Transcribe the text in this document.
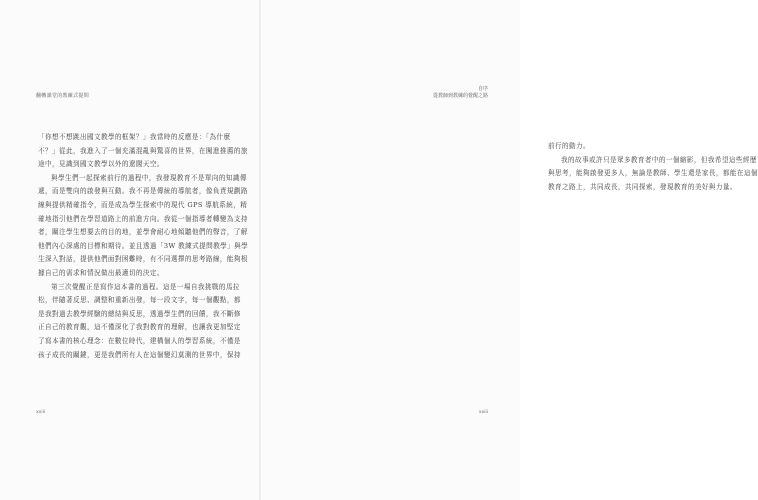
翻轉課堂的教練式提問
「你想不想跳出國文教學的框架？」我當時的反應是：「為什麼
不？」從此，我進入了一個充滿混亂與驚喜的世界，在闖進推薦的旅
途中，見識到國文教學以外的遼闊天空。
與學生們一起探索前行的過程中，我發現教育不是單向的知識傳
遞，而是雙向的啟發與互動。我不再是傳統的導航者，像負責規劃路
線與提供精確指令，而是成為學生探索中的現代 GPS 導航系統，精
確地指引他們在學習道路上的前進方向。我從一個指導者轉變為支持
者，關注學生想要去的目的地，並學會耐心地傾聽他們的聲音，了解
他們內心深處的目標和期待。並且透過「3W 教練式提問教學」與學
生深入對話，提供他們面對困難時，有不同選擇的思考路線，能夠根
據自己的需求和情況做出最適切的決定。
第三次覺醒正是寫作這本書的過程。這是一場自我挑戰的馬拉
松，伴隨著反思、調整和重新出發，每一段文字，每一個觀點，都
是我對過去教學經驗的總結與反思，透過學生們的回饋，我不斷修
正自己的教育觀，這不僅深化了我對教育的理解，也讓我更加堅定
了寫本書的核心理念：在數位時代，建構個人的學習系統，不僅是
孩子成長的關鍵，更是我們所有人在這個變幻莫測的世界中，保持
xxiii
自序
從教師到教練的覺醒之路
前行的動力。
我的故事或許只是眾多教育者中的一個縮影，但我希望這些經歷
與思考，能夠啟發更多人，無論是教師、學生還是家長，都能在這個
教育之路上，共同成長，共同探索，發現教育的美好與力量。
xxiii
